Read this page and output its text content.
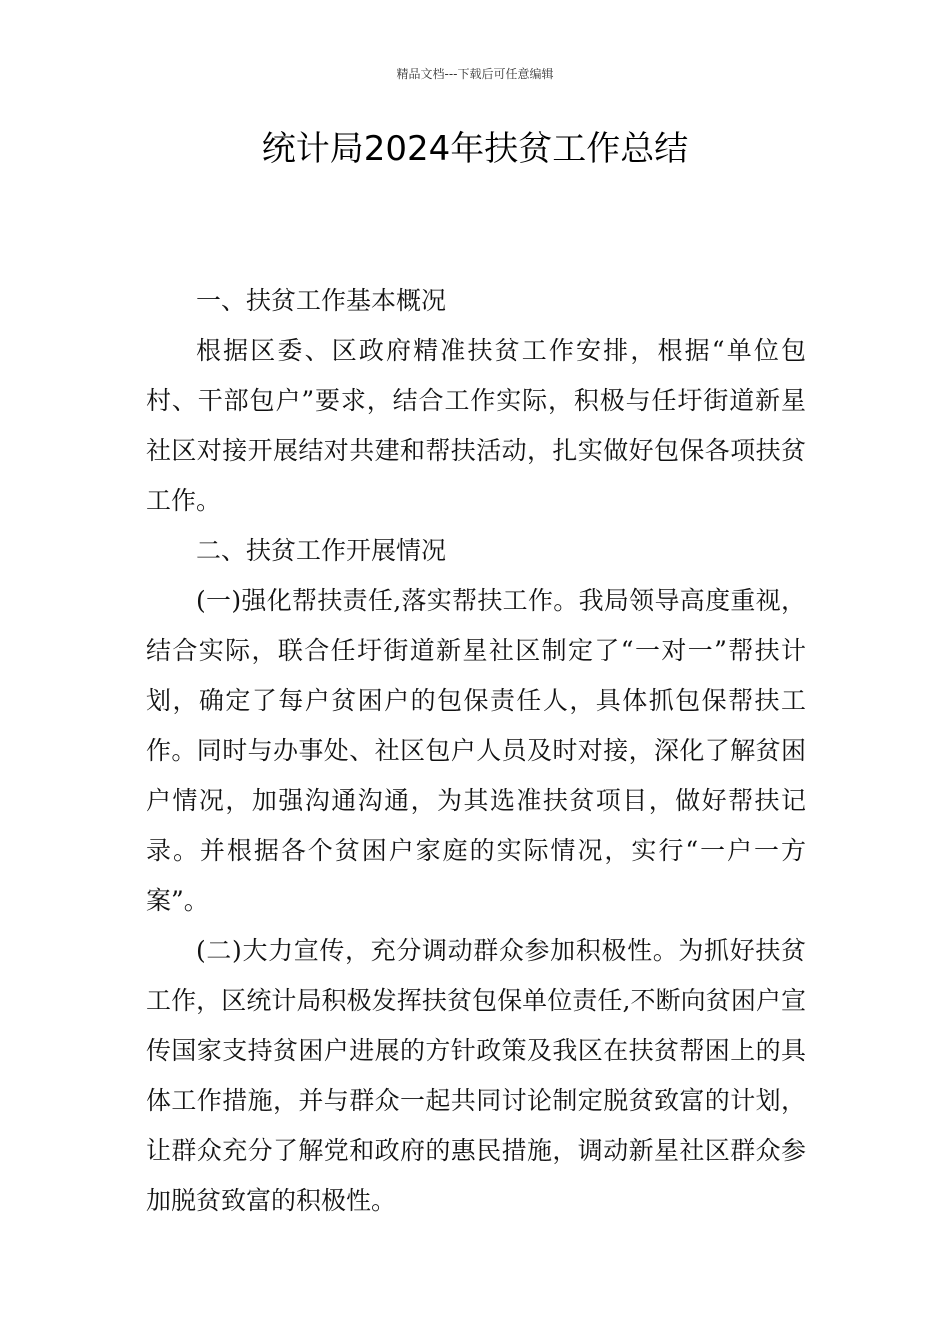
精品文档---下载后可任意编辑
统计局2024年扶贫工作总结

一、扶贫工作基本概况

根据区委、区政府精准扶贫工作安排，根据“单位包村、干部包户”要求，结合工作实际，积极与任圩街道新星社区对接开展结对共建和帮扶活动，扎实做好包保各项扶贫工作。

二、扶贫工作开展情况

(一)强化帮扶责任,落实帮扶工作。我局领导高度重视，结合实际，联合任圩街道新星社区制定了“一对一”帮扶计划，确定了每户贫困户的包保责任人，具体抓包保帮扶工作。同时与办事处、社区包户人员及时对接，深化了解贫困户情况，加强沟通沟通，为其选准扶贫项目，做好帮扶记录。并根据各个贫困户家庭的实际情况，实行“一户一方案”。

(二)大力宣传，充分调动群众参加积极性。为抓好扶贫工作，区统计局积极发挥扶贫包保单位责任,不断向贫困户宣传国家支持贫困户进展的方针政策及我区在扶贫帮困上的具体工作措施，并与群众一起共同讨论制定脱贫致富的计划，让群众充分了解党和政府的惠民措施，调动新星社区群众参加脱贫致富的积极性。
